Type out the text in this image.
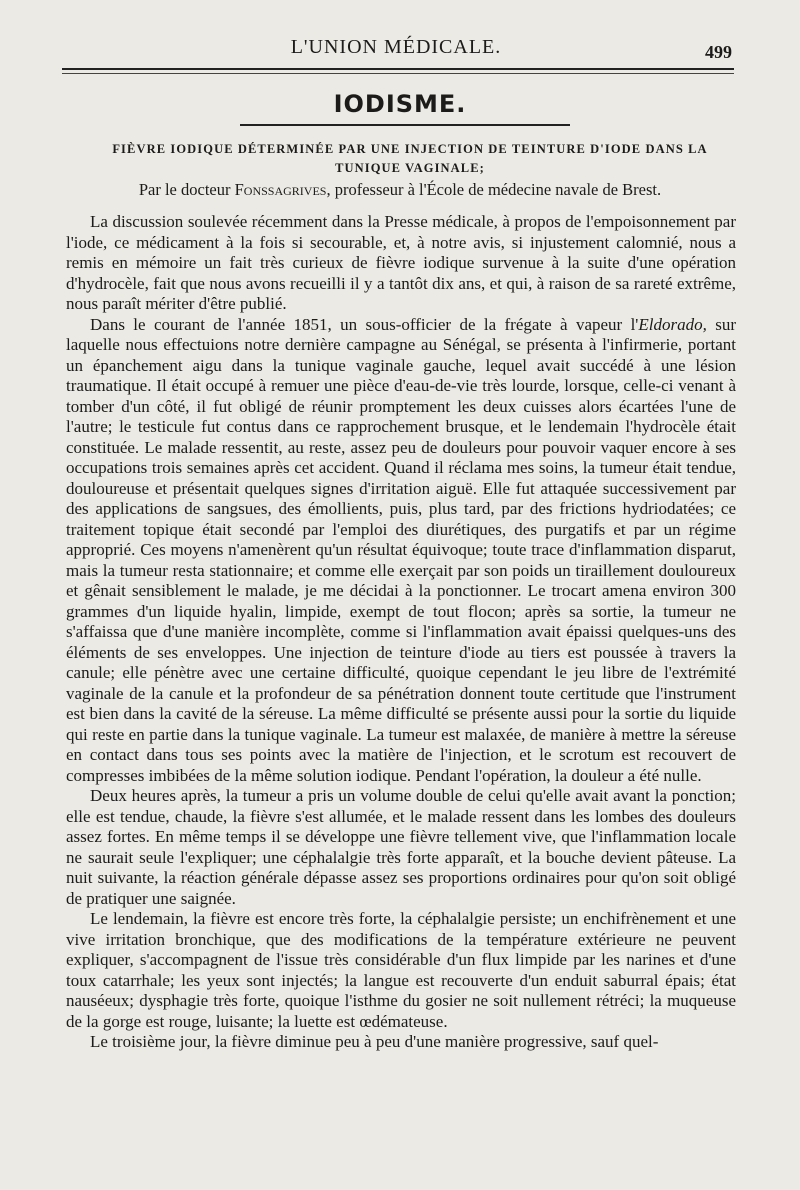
L'UNION MÉDICALE.	499
IODISME.
FIÈVRE IODIQUE DÉTERMINÉE PAR UNE INJECTION DE TEINTURE D'IODE DANS LA TUNIQUE VAGINALE;
Par le docteur Fonssagrives, professeur à l'École de médecine navale de Brest.

La discussion soulevée récemment dans la Presse médicale, à propos de l'empoisonnement par l'iode, ce médicament à la fois si secourable, et, à notre avis, si injustement calomnié, nous a remis en mémoire un fait très curieux de fièvre iodique survenue à la suite d'une opération d'hydrocèle, fait que nous avons recueilli il y a tantôt dix ans, et qui, à raison de sa rareté extrême, nous paraît mériter d'être publié.

Dans le courant de l'année 1851, un sous-officier de la frégate à vapeur l'Eldorado, sur laquelle nous effectuions notre dernière campagne au Sénégal, se présenta à l'infirmerie, portant un épanchement aigu dans la tunique vaginale gauche, lequel avait succédé à une lésion traumatique. Il était occupé à remuer une pièce d'eau-de-vie très lourde, lorsque, celle-ci venant à tomber d'un côté, il fut obligé de réunir promptement les deux cuisses alors écartées l'une de l'autre; le testicule fut contus dans ce rapprochement brusque, et le lendemain l'hydrocèle était constituée. Le malade ressentit, au reste, assez peu de douleurs pour pouvoir vaquer encore à ses occupations trois semaines après cet accident. Quand il réclama mes soins, la tumeur était tendue, douloureuse et présentait quelques signes d'irritation aiguë. Elle fut attaquée successivement par des applications de sangsues, des émollients, puis, plus tard, par des frictions hydriodatées; ce traitement topique était secondé par l'emploi des diurétiques, des purgatifs et par un régime approprié. Ces moyens n'amenèrent qu'un résultat équivoque; toute trace d'inflammation disparut, mais la tumeur resta stationnaire; et comme elle exerçait par son poids un tiraillement douloureux et gênait sensiblement le malade, je me décidai à la ponctionner. Le trocart amena environ 300 grammes d'un liquide hyalin, limpide, exempt de tout flocon; après sa sortie, la tumeur ne s'affaissa que d'une manière incomplète, comme si l'inflammation avait épaissi quelques-uns des éléments de ses enveloppes. Une injection de teinture d'iode au tiers est poussée à travers la canule; elle pénètre avec une certaine difficulté, quoique cependant le jeu libre de l'extrémité vaginale de la canule et la profondeur de sa pénétration donnent toute certitude que l'instrument est bien dans la cavité de la séreuse. La même difficulté se présente aussi pour la sortie du liquide qui reste en partie dans la tunique vaginale. La tumeur est malaxée, de manière à mettre la séreuse en contact dans tous ses points avec la matière de l'injection, et le scrotum est recouvert de compresses imbibées de la même solution iodique. Pendant l'opération, la douleur a été nulle.

Deux heures après, la tumeur a pris un volume double de celui qu'elle avait avant la ponction; elle est tendue, chaude, la fièvre s'est allumée, et le malade ressent dans les lombes des douleurs assez fortes. En même temps il se développe une fièvre tellement vive, que l'inflammation locale ne saurait seule l'expliquer; une céphalalgie très forte apparaît, et la bouche devient pâteuse. La nuit suivante, la réaction générale dépasse assez ses proportions ordinaires pour qu'on soit obligé de pratiquer une saignée.

Le lendemain, la fièvre est encore très forte, la céphalalgie persiste; un enchifrènement et une vive irritation bronchique, que des modifications de la température extérieure ne peuvent expliquer, s'accompagnent de l'issue très considérable d'un flux limpide par les narines et d'une toux catarrhale; les yeux sont injectés; la langue est recouverte d'un enduit saburral épais; état nauséeux; dysphagie très forte, quoique l'isthme du gosier ne soit nullement rétréci; la muqueuse de la gorge est rouge, luisante; la luette est œdémateuse.

Le troisième jour, la fièvre diminue peu à peu d'une manière progressive, sauf quel-
